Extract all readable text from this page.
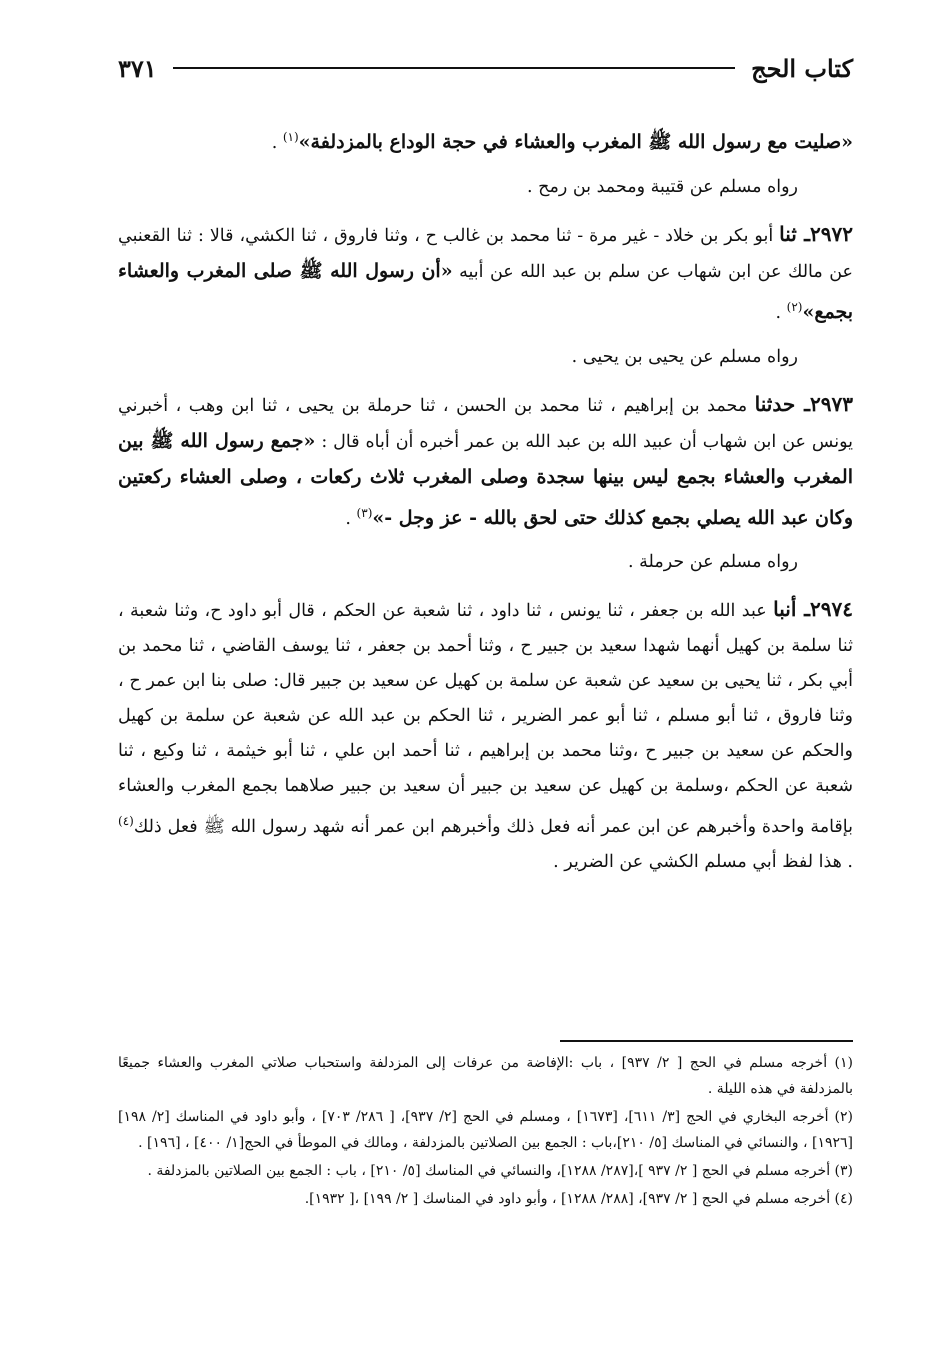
كتاب الحج
٣٧١

«صليت مع رسول الله ﷺ المغرب والعشاء في حجة الوداع بالمزدلفة»$^{(١)}$ .

رواه مسلم عن قتيبة ومحمد بن رمح .

٢٩٧٢ـ ثنا أبو بكر بن خلاد - غير مرة - ثنا محمد بن غالب ح ، وثنا فاروق ، ثنا الكشي، قالا : ثنا القعنبي عن مالك عن ابن شهاب عن سلم بن عبد الله عن أبيه «أن رسول الله ﷺ صلى المغرب والعشاء بجمع»$^{(٢)}$ .

رواه مسلم عن يحيى بن يحيى .

٢٩٧٣ـ حدثنا محمد بن إبراهيم ، ثنا محمد بن الحسن ، ثنا حرملة بن يحيى ، ثنا ابن وهب ، أخبرني يونس عن ابن شهاب أن عبيد الله بن عبد الله بن عمر أخبره أن أباه قال : «جمع رسول الله ﷺ بين المغرب والعشاء بجمع ليس بينها سجدة وصلى المغرب ثلاث ركعات ، وصلى العشاء ركعتين وكان عبد الله يصلي بجمع كذلك حتى لحق بالله - عز وجل -»$^{(٣)}$ .

رواه مسلم عن حرملة .

٢٩٧٤ـ أنبا عبد الله بن جعفر ، ثنا يونس ، ثنا داود ، ثنا شعبة عن الحكم ، قال أبو داود ح، وثنا شعبة ، ثنا سلمة بن كهيل أنهما شهدا سعيد بن جبير ح ، وثنا أحمد بن جعفر ، ثنا يوسف القاضي ، ثنا محمد بن أبي بكر ، ثنا يحيى بن سعيد عن شعبة عن سلمة بن كهيل عن سعيد بن جبير قال: صلى بنا ابن عمر ح ، وثنا فاروق ، ثنا أبو مسلم ، ثنا أبو عمر الضرير ، ثنا الحكم بن عبد الله عن شعبة عن سلمة بن كهيل والحكم عن سعيد بن جبير ح ،وثنا محمد بن إبراهيم ، ثنا أحمد ابن علي ، ثنا أبو خيثمة ، ثنا وكيع ، ثنا شعبة عن الحكم ،وسلمة بن كهيل عن سعيد بن جبير أن سعيد بن جبير صلاهما بجمع المغرب والعشاء بإقامة واحدة وأخبرهم عن ابن عمر أنه فعل ذلك وأخبرهم ابن عمر أنه شهد رسول الله ﷺ فعل ذلك$^{(٤)}$ . هذا لفظ أبي مسلم الكشي عن الضرير .

(١) أخرجه مسلم في الحج [ ٢/ ٩٣٧] ، باب :الإفاضة من عرفات إلى المزدلفة واستحباب صلاتي المغرب والعشاء جميعًا بالمزدلفة في هذه الليلة .

(٢) أخرجه البخاري في الحج [٣/ ٦١١]، [١٦٧٣] ، ومسلم في الحج [٢/ ٩٣٧]، [ ٢٨٦/ ٧٠٣] ، وأبو داود في المناسك [٢/ ١٩٨] [١٩٢٦] ، والنسائي في المناسك [٥/ ٢١٠]،باب : الجمع بين الصلاتين بالمزدلفة ، ومالك في الموطأ في الحج[١/ ٤٠٠] ، [١٩٦] .

(٣) أخرجه مسلم في الحج [ ٢/ ٩٣٧ ]،[٢٨٧/ ١٢٨٨]، والنسائي في المناسك [٥/ ٢١٠] ، باب : الجمع بين الصلاتين بالمزدلفة .

(٤) أخرجه مسلم في الحج [ ٢/ ٩٣٧]، [٢٨٨/ ١٢٨٨] ، وأبو داود في المناسك [ ٢/ ١٩٩] ،[ ١٩٣٢].
